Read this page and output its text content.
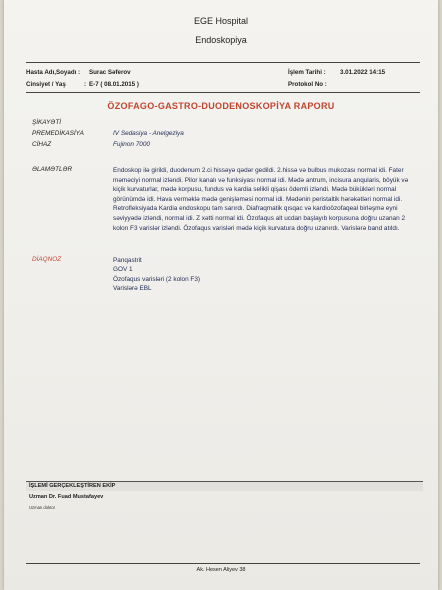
EGE Hospital
Endoskopiya
Hasta Adı,Soyadı : Surac Səferov
Cinsiyet / Yaş	: E-7 ( 08.01.2015 )
İşlem Tarihi : 3.01.2022 14:15
Protokol No :
ÖZOFAGO-GASTRO-DUODENOSKOPİYA RAPORU
ŞİKAYƏTİ
PREMEDİKASİYA	IV Sedasiya - Anelgeziya
CİHAZ	Fujinon 7000
ƏLAMƏTLƏR	Endoskop ilə girildi, duodenum 2.ci hissəyə qədər gedildi. 2.hissə və bulbus mukozası normal idi. Fater məməciyi normal izləndi. Pilor kanalı və funksiyası normal idi. Mədə antrum, incisura anqularis, böyük və kiçik kurvaturlar, mədə korpusu, fundus və kardia selikli qişası ödemli izləndi. Mədə bükükləri normal görünümdə idi. Hava verməklə mədə genişləməsi normal idi. Mədənin peristaltik hərəkətləri normal idi. Retrofleksiyada Kardia endoskopu tam sarırdı. Diafraqmatik qısqac və kardioözofaqeal birləşmə eyni səviyyədə izləndi, normal idi. Z xətti normal idi. Özofaqus alt ucdan başlayıb korpusuna doğru uzanan 2 kolon F3 varislər izləndi. Özofaqus varisləri mədə kiçik kurvatura doğru uzanırdı. Varislərə band atıldı.
DİAQNOZ	Panqastrit
GOV 1
Özofaqus varisləri (2 kolon F3)
Varislərə EBL
İŞLEMİ GERÇEKLEŞTİREN EKİP
Uzman Dr. Fuad Mustafayev
Uzman doktor
Ak. Hesen Aliyev 38
